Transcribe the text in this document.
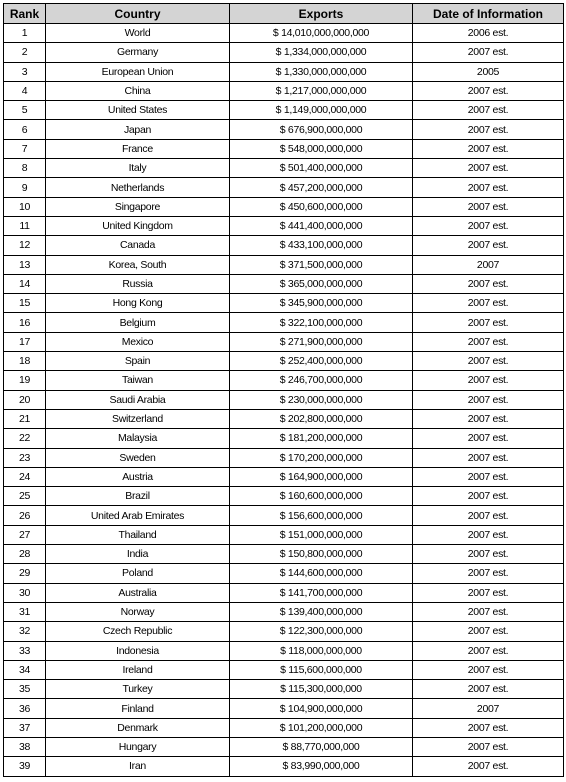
Rank	Country	Exports	Date of Information
1	World	$ 14,010,000,000,000	2006 est.
2	Germany	$ 1,334,000,000,000	2007 est.
3	European Union	$ 1,330,000,000,000	2005
4	China	$ 1,217,000,000,000	2007 est.
5	United States	$ 1,149,000,000,000	2007 est.
6	Japan	$ 676,900,000,000	2007 est.
7	France	$ 548,000,000,000	2007 est.
8	Italy	$ 501,400,000,000	2007 est.
9	Netherlands	$ 457,200,000,000	2007 est.
10	Singapore	$ 450,600,000,000	2007 est.
11	United Kingdom	$ 441,400,000,000	2007 est.
12	Canada	$ 433,100,000,000	2007 est.
13	Korea, South	$ 371,500,000,000	2007
14	Russia	$ 365,000,000,000	2007 est.
15	Hong Kong	$ 345,900,000,000	2007 est.
16	Belgium	$ 322,100,000,000	2007 est.
17	Mexico	$ 271,900,000,000	2007 est.
18	Spain	$ 252,400,000,000	2007 est.
19	Taiwan	$ 246,700,000,000	2007 est.
20	Saudi Arabia	$ 230,000,000,000	2007 est.
21	Switzerland	$ 202,800,000,000	2007 est.
22	Malaysia	$ 181,200,000,000	2007 est.
23	Sweden	$ 170,200,000,000	2007 est.
24	Austria	$ 164,900,000,000	2007 est.
25	Brazil	$ 160,600,000,000	2007 est.
26	United Arab Emirates	$ 156,600,000,000	2007 est.
27	Thailand	$ 151,000,000,000	2007 est.
28	India	$ 150,800,000,000	2007 est.
29	Poland	$ 144,600,000,000	2007 est.
30	Australia	$ 141,700,000,000	2007 est.
31	Norway	$ 139,400,000,000	2007 est.
32	Czech Republic	$ 122,300,000,000	2007 est.
33	Indonesia	$ 118,000,000,000	2007 est.
34	Ireland	$ 115,600,000,000	2007 est.
35	Turkey	$ 115,300,000,000	2007 est.
36	Finland	$ 104,900,000,000	2007
37	Denmark	$ 101,200,000,000	2007 est.
38	Hungary	$ 88,770,000,000	2007 est.
39	Iran	$ 83,990,000,000	2007 est.
